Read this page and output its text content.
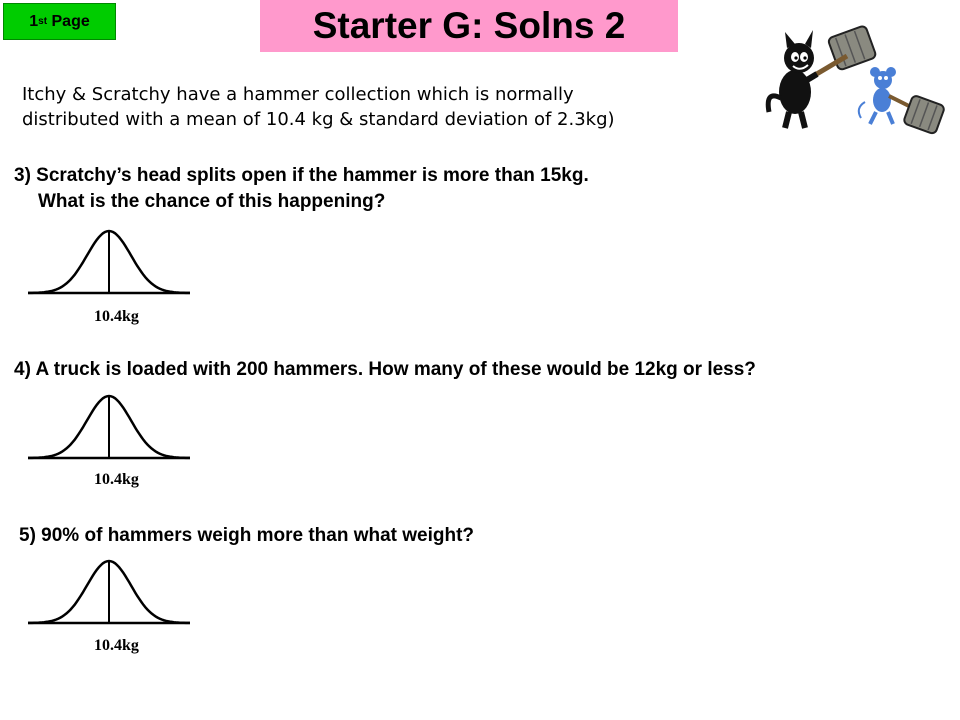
1 st
Page	Starter G: Solns 2
Itchy & Scratchy have a hammer collection which is normally
distributed with a mean of 10.4 kg & standard deviation of 2.3kg)
3) Scratchy’s head splits open if the hammer is more than 15kg.
What is the chance of this happening?
10.4kg
4) A truck is loaded with 200 hammers. How many of these would be 12kg or less?
10.4kg
5) 90% of hammers weigh more than what weight?
10.4kg
